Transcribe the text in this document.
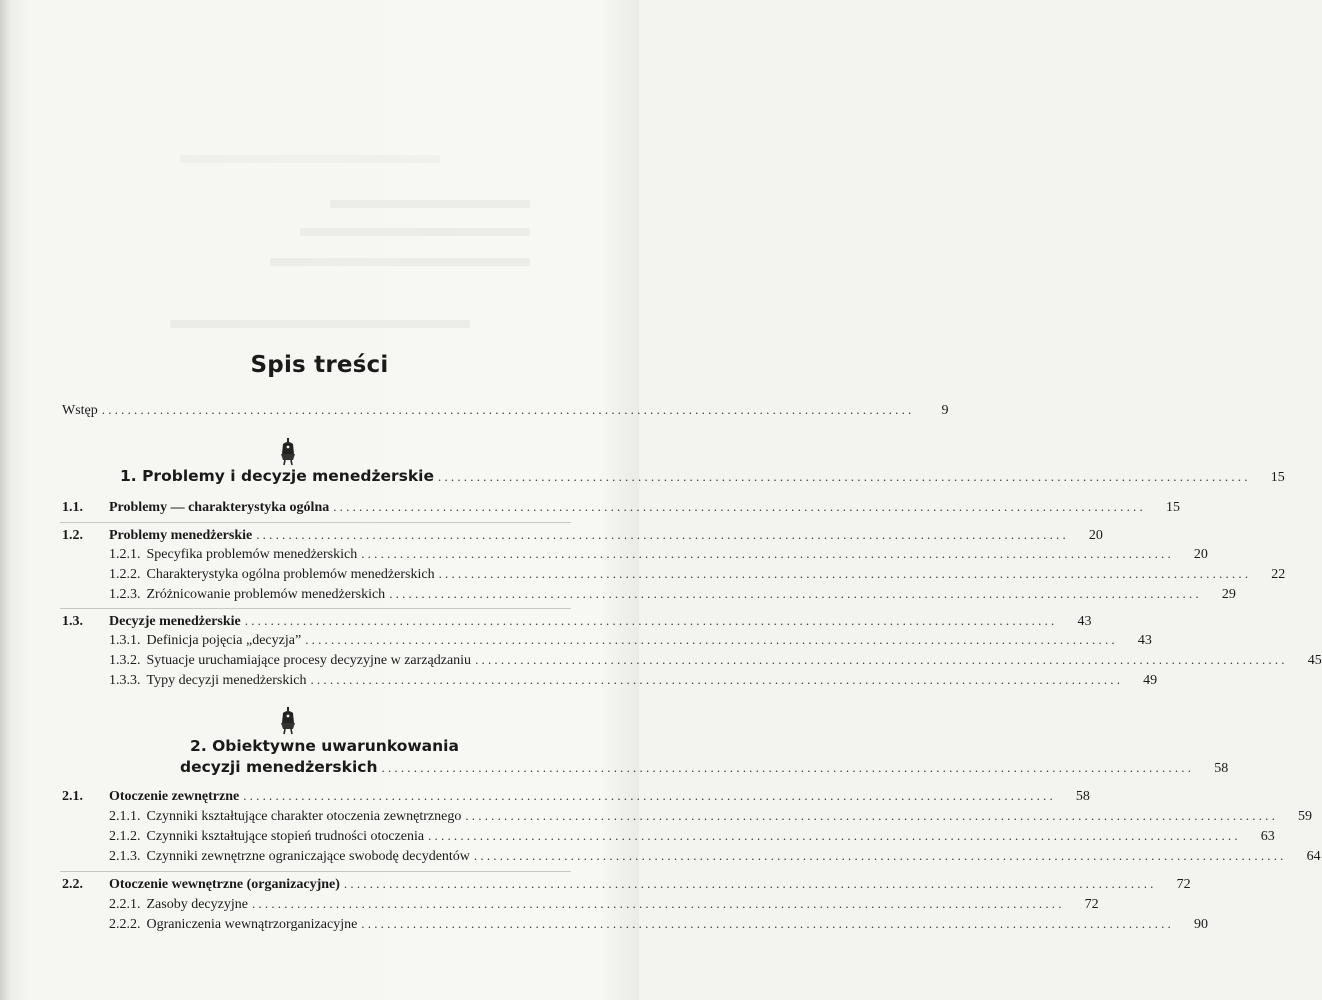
Spis treści
Wstęp ..............................................................................................................................	9
1. Problemy i decyzje menedżerskie ..............................................................................................................................	15
1.1.	Problemy — charakterystyka ogólna ..............................................................................................................................	15
1.2.	Problemy menedżerskie ..............................................................................................................................	20
1.2.1. Specyfika problemów menedżerskich ..............................................................................................................................	20
1.2.2. Charakterystyka ogólna problemów menedżerskich ..............................................................................................................................	22
1.2.3. Zróżnicowanie problemów menedżerskich ..............................................................................................................................	29
1.3.	Decyzje menedżerskie ..............................................................................................................................	43
1.3.1. Definicja pojęcia „decyzja” ..............................................................................................................................	43
1.3.2. Sytuacje uruchamiające procesy decyzyjne w zarządzaniu ..............................................................................................................................	45
1.3.3. Typy decyzji menedżerskich ..............................................................................................................................	49
2. Obiektywne uwarunkowania
decyzji menedżerskich ..............................................................................................................................	58
2.1.	Otoczenie zewnętrzne ..............................................................................................................................	58
2.1.1. Czynniki kształtujące charakter otoczenia zewnętrznego ..............................................................................................................................	59
2.1.2. Czynniki kształtujące stopień trudności otoczenia ..............................................................................................................................	63
2.1.3. Czynniki zewnętrzne ograniczające swobodę decydentów ..............................................................................................................................	64
2.2.	Otoczenie wewnętrzne (organizacyjne) ..............................................................................................................................	72
2.2.1. Zasoby decyzyjne ..............................................................................................................................	72
2.2.2. Ograniczenia wewnątrzorganizacyjne ..............................................................................................................................	90
